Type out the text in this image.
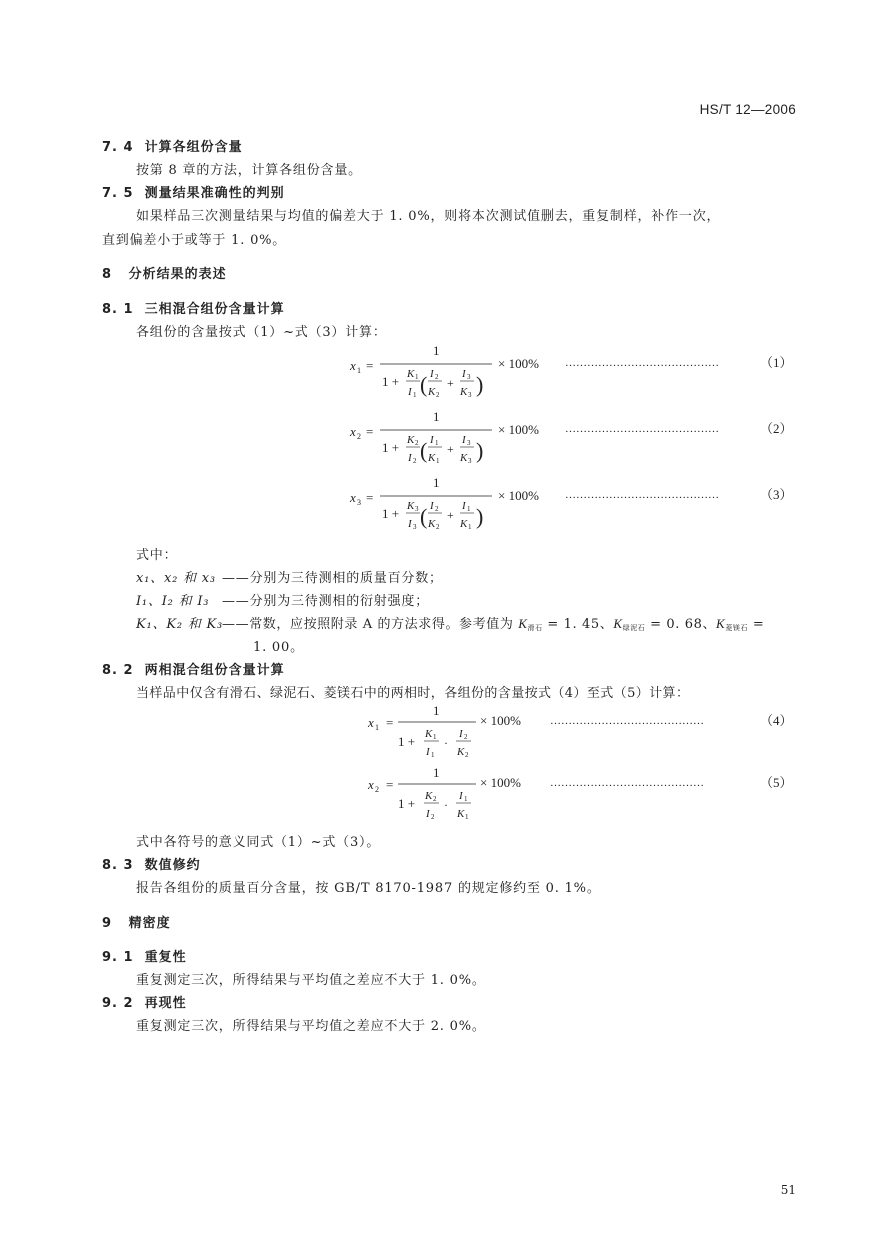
HS/T 12—2006
7. 4 计算各组份含量
按第 8 章的方法，计算各组份含量。
7. 5 测量结果准确性的判别
如果样品三次测量结果与均值的偏差大于 1. 0%，则将本次测试值删去，重复制样，补作一次，
直到偏差小于或等于 1. 0%。
8 分析结果的表述
8. 1 三相混合组份含量计算
各组份的含量按式（1）~式（3）计算：
x 1 =
1
1 + K 1
I 1 ( I 2
K 2
+
I 3
K 3 )
× 100% ……………………………………	（1）
x 2 =
1
1 + K 2
I 2 ( I 1
K 1
+
I 3
K 3 )
× 100% ……………………………………	（2）
x 3 =
1
1 + K 3
I 3 ( I 2
K 2
+
I 1
K 1 )
× 100% ……………………………………	（3）
式中：
x₁、x₂ 和 x₃ ——分别为三待测相的质量百分数；
I₁、I₂ 和 I₃ ——分别为三待测相的衍射强度；
K₁、K₂ 和 K₃
——常数，应按照附录 A 的方法求得。参考值为 K滑石 = 1. 45、K绿泥石 = 0. 68、K菱镁石 =
1. 00。
8. 2 两相混合组份含量计算
当样品中仅含有滑石、绿泥石、菱镁石中的两相时，各组份的含量按式（4）至式（5）计算：
x 1 =
1
1 + K 1
I 1
·
I 2
K 2
× 100%	……………………………………	（4）
x 2 =
1
1 + K 2
I 2
·
I 1
K 1
× 100%	……………………………………	（5）
式中各符号的意义同式（1）~式（3）。
8. 3 数值修约
报告各组份的质量百分含量，按 GB/T 8170-1987 的规定修约至 0. 1%。
9 精密度
9. 1 重复性
重复测定三次，所得结果与平均值之差应不大于 1. 0%。
9. 2 再现性
重复测定三次，所得结果与平均值之差应不大于 2. 0%。
51
